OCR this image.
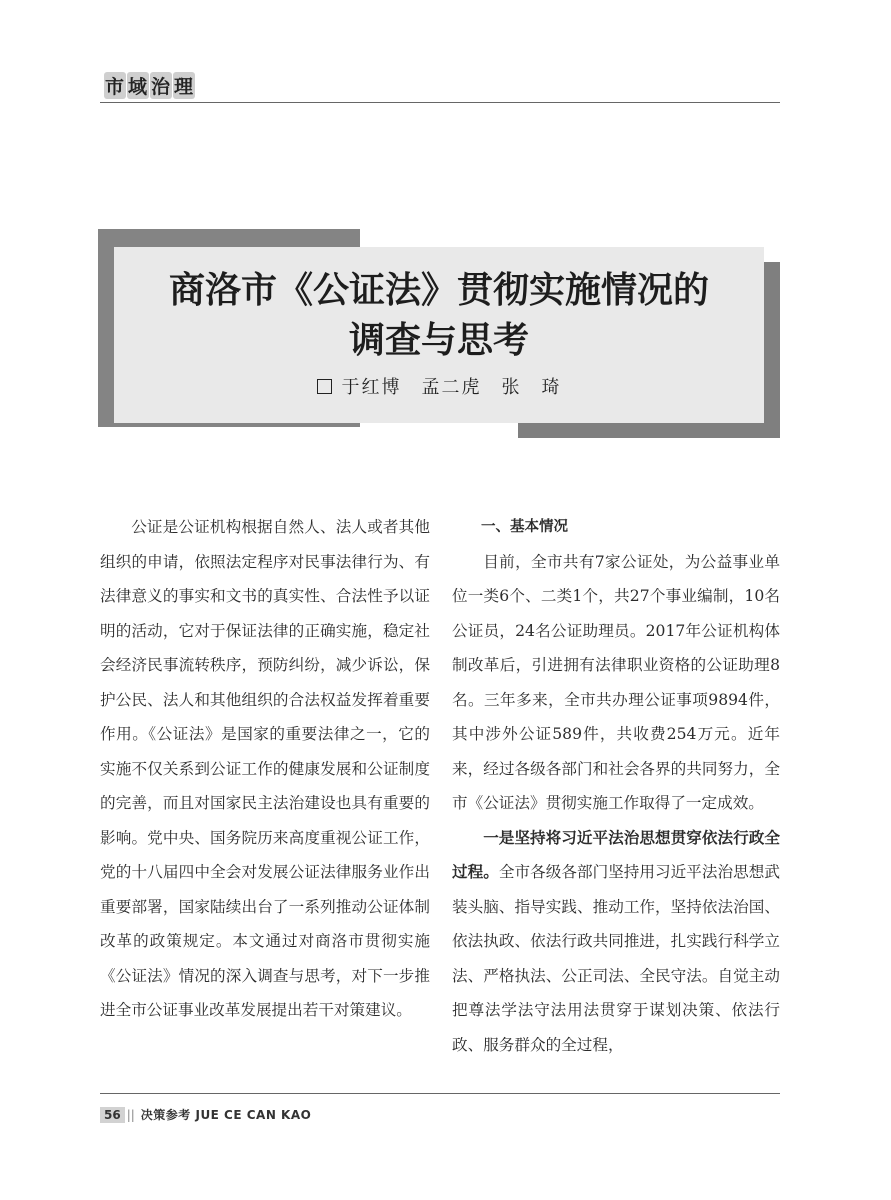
市 域 治 理
商洛市《公证法》贯彻实施情况的
调查与思考
于红博　孟二虎　张　琦

公证是公证机构根据自然人、法人或者其他组织的申请，依照法定程序对民事法律行为、有法律意义的事实和文书的真实性、合法性予以证明的活动，它对于保证法律的正确实施，稳定社会经济民事流转秩序，预防纠纷，减少诉讼，保护公民、法人和其他组织的合法权益发挥着重要作用。《公证法》是国家的重要法律之一，它的实施不仅关系到公证工作的健康发展和公证制度的完善，而且对国家民主法治建设也具有重要的影响。党中央、国务院历来高度重视公证工作，党的十八届四中全会对发展公证法律服务业作出重要部署，国家陆续出台了一系列推动公证体制改革的政策规定。本文通过对商洛市贯彻实施《公证法》情况的深入调查与思考，对下一步推进全市公证事业改革发展提出若干对策建议。

一、基本情况

目前，全市共有7家公证处，为公益事业单位一类6个、二类1个，共27个事业编制，10名公证员，24名公证助理员。2017年公证机构体制改革后，引进拥有法律职业资格的公证助理8名。三年多来，全市共办理公证事项9894件，其中涉外公证589件，共收费254万元。近年来，经过各级各部门和社会各界的共同努力，全市《公证法》贯彻实施工作取得了一定成效。

一是坚持将习近平法治思想贯穿依法行政全过程。全市各级各部门坚持用习近平法治思想武装头脑、指导实践、推动工作，坚持依法治国、依法执政、依法行政共同推进，扎实践行科学立法、严格执法、公正司法、全民守法。自觉主动把尊法学法守法用法贯穿于谋划决策、依法行政、服务群众的全过程，

56 || 决策参考 JUE CE CAN KAO
